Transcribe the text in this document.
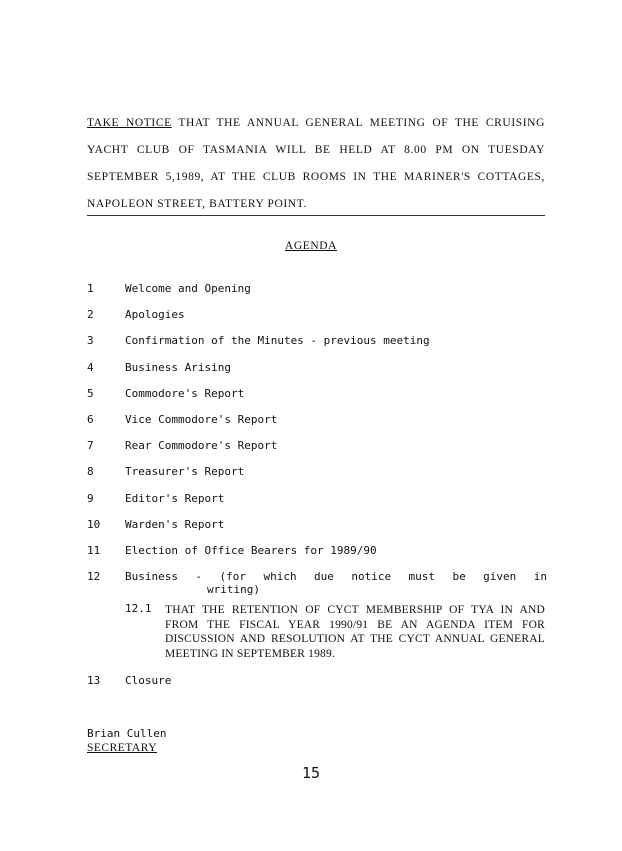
TAKE NOTICE THAT THE ANNUAL GENERAL MEETING OF THE CRUISING YACHT CLUB OF TASMANIA WILL BE HELD AT 8.00 PM ON TUESDAY SEPTEMBER 5,1989, AT THE CLUB ROOMS IN THE MARINER'S COTTAGES, NAPOLEON STREET, BATTERY POINT.
AGENDA
1	Welcome and Opening
2	Apologies
3	Confirmation of the Minutes - previous meeting
4	Business Arising
5	Commodore's Report
6	Vice Commodore's Report
7	Rear Commodore's Report
8	Treasurer's Report
9	Editor's Report
10	Warden's Report
11	Election of Office Bearers for 1989/90
12	Business - (for which due notice must be given in
writing)
12.1 THAT THE RETENTION OF CYCT MEMBERSHIP OF TYA IN AND FROM THE FISCAL YEAR 1990/91 BE AN AGENDA ITEM FOR DISCUSSION AND RESOLUTION AT THE CYCT ANNUAL GENERAL MEETING IN SEPTEMBER 1989.
13 Closure
Brian Cullen
SECRETARY
15
